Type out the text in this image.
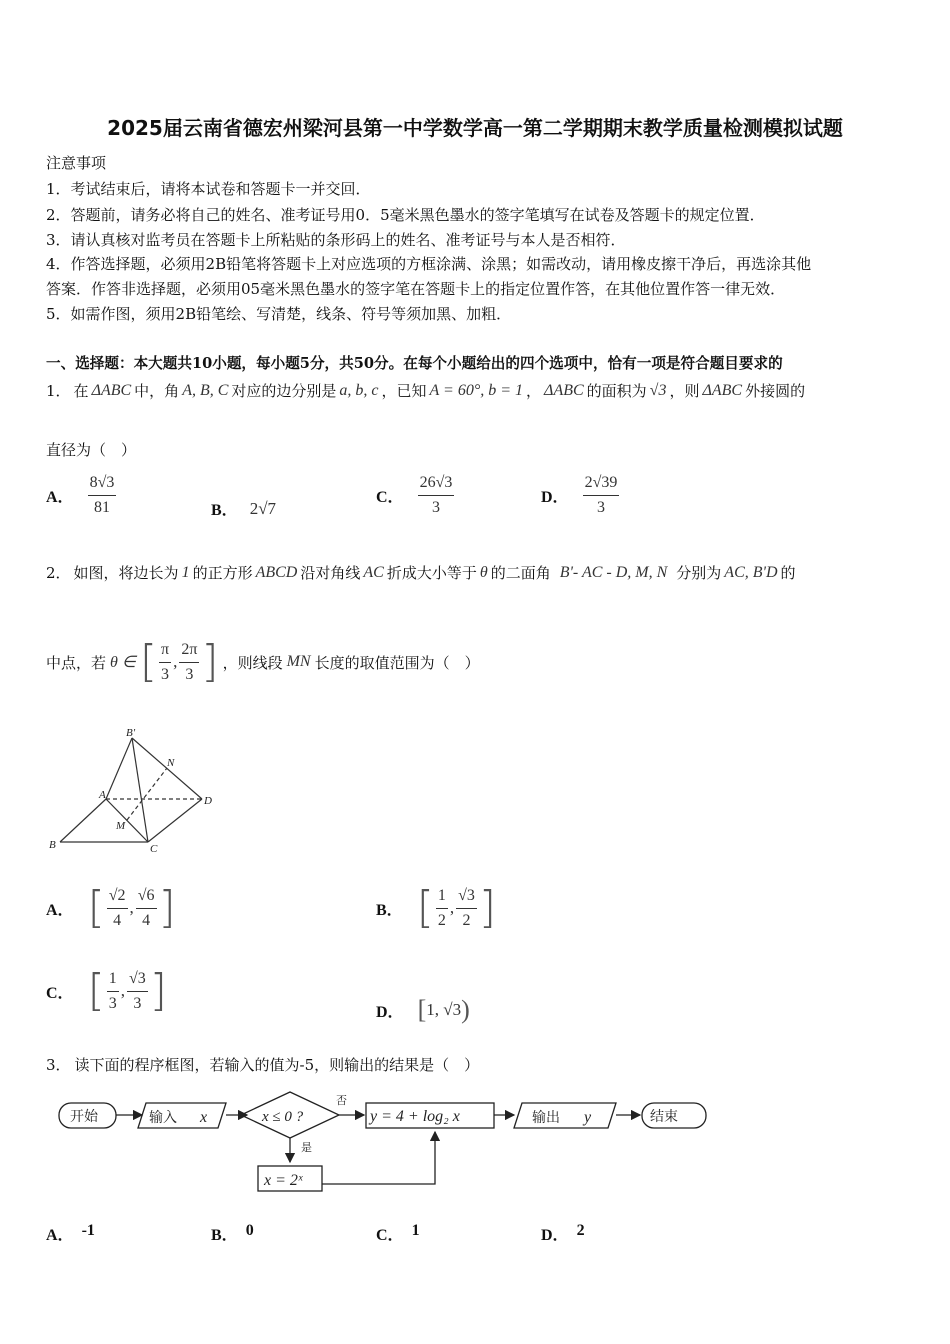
2025届云南省德宏州梁河县第一中学数学高一第二学期期末教学质量检测模拟试题
注意事项
1．考试结束后，请将本试卷和答题卡一并交回．
2．答题前，请务必将自己的姓名、准考证号用0．5毫米黑色墨水的签字笔填写在试卷及答题卡的规定位置．
3．请认真核对监考员在答题卡上所粘贴的条形码上的姓名、准考证号与本人是否相符．
4．作答选择题，必须用2B铅笔将答题卡上对应选项的方框涂满、涂黑；如需改动，请用橡皮擦干净后，再选涂其他
答案．作答非选择题，必须用05毫米黑色墨水的签字笔在答题卡上的指定位置作答，在其他位置作答一律无效．
5．如需作图，须用2B铅笔绘、写清楚，线条、符号等须加黑、加粗．
一、选择题：本大题共10小题，每小题5分，共50分。在每个小题给出的四个选项中，恰有一项是符合题目要求的
1． 在 ΔABC 中，角 A, B, C 对应的边分别是 a, b, c ，已知 A = 60°, b = 1 ， ΔABC 的面积为 √3 ，则 ΔABC 外接圆的
直径为（　）
A． $\frac{8√3}{81}$	B． 2√7
C． $\frac{26√3}{3}$	D． $\frac{2√39}{3}$
2． 如图，将边长为 1 的正方形 ABCD 沿对角线 AC 折成大小等于 θ 的二面角 B'- AC - D, M, N 分别为 AC, B'D 的
中点，若 θ ∈ [ $\frac{\pi}{3}$ , $\frac{2\pi}{3}$ ] ，则线段 MN 长度的取值范围为（　）
B'
N
A	D
M
B	C
A． [ $\frac{√2}{4}$ , $\frac{√6}{4}$ ]	B． [ $\frac{1}{2}$ , $\frac{√3}{2}$ ]
C． [ $\frac{1}{3}$ , $\frac{√3}{3}$ ]	D． [ 1, √3 )
3． 读下面的程序框图，若输入的值为-5，则输出的结果是（　）
开始	输入 x	x ≤ 0 ?
否
是
y = 4 + log₂ x	输出 y	结束
x = 2ˣ
A． -1	B． 0	C． 1	D． 2
